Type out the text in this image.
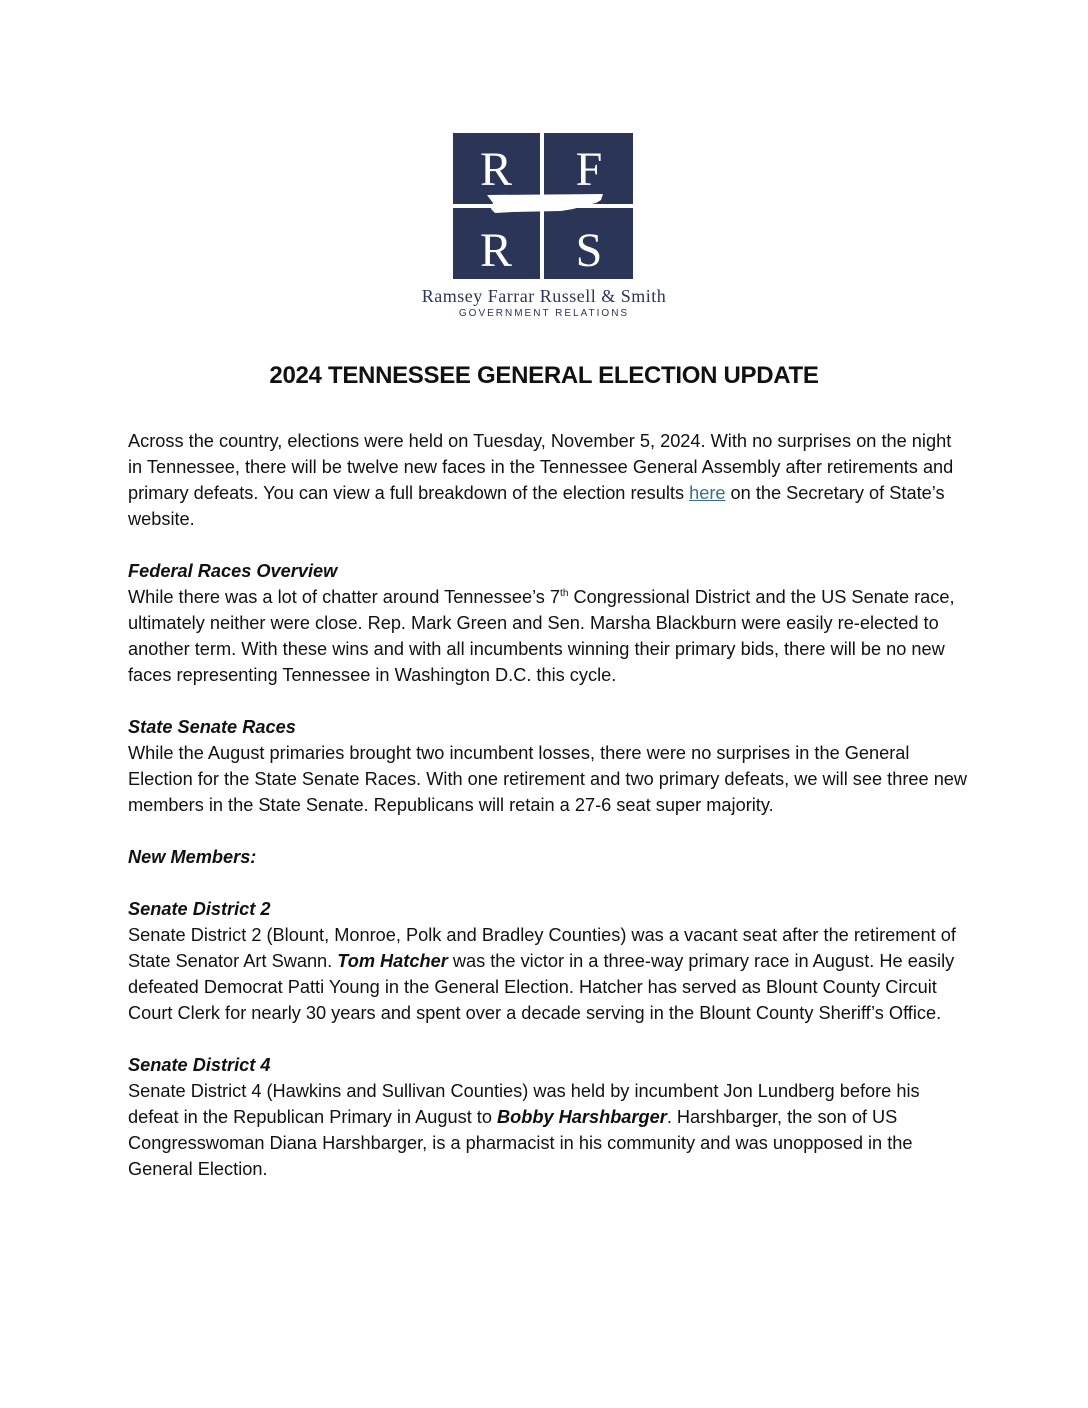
R F
R S
Ramsey Farrar Russell & Smith
GOVERNMENT RELATIONS
2024 TENNESSEE GENERAL ELECTION UPDATE

Across the country, elections were held on Tuesday, November 5, 2024. With no surprises on the night in Tennessee, there will be twelve new faces in the Tennessee General Assembly after retirements and primary defeats. You can view a full breakdown of the election results here on the Secretary of State’s website.

Federal Races Overview
While there was a lot of chatter around Tennessee’s 7th Congressional District and the US Senate race, ultimately neither were close. Rep. Mark Green and Sen. Marsha Blackburn were easily re-elected to another term. With these wins and with all incumbents winning their primary bids, there will be no new faces representing Tennessee in Washington D.C. this cycle.

State Senate Races
While the August primaries brought two incumbent losses, there were no surprises in the General Election for the State Senate Races. With one retirement and two primary defeats, we will see three new members in the State Senate. Republicans will retain a 27-6 seat super majority.

New Members:

Senate District 2
Senate District 2 (Blount, Monroe, Polk and Bradley Counties) was a vacant seat after the retirement of State Senator Art Swann. Tom Hatcher was the victor in a three-way primary race in August. He easily defeated Democrat Patti Young in the General Election. Hatcher has served as Blount County Circuit Court Clerk for nearly 30 years and spent over a decade serving in the Blount County Sheriff’s Office.

Senate District 4
Senate District 4 (Hawkins and Sullivan Counties) was held by incumbent Jon Lundberg before his defeat in the Republican Primary in August to Bobby Harshbarger. Harshbarger, the son of US Congresswoman Diana Harshbarger, is a pharmacist in his community and was unopposed in the General Election.
